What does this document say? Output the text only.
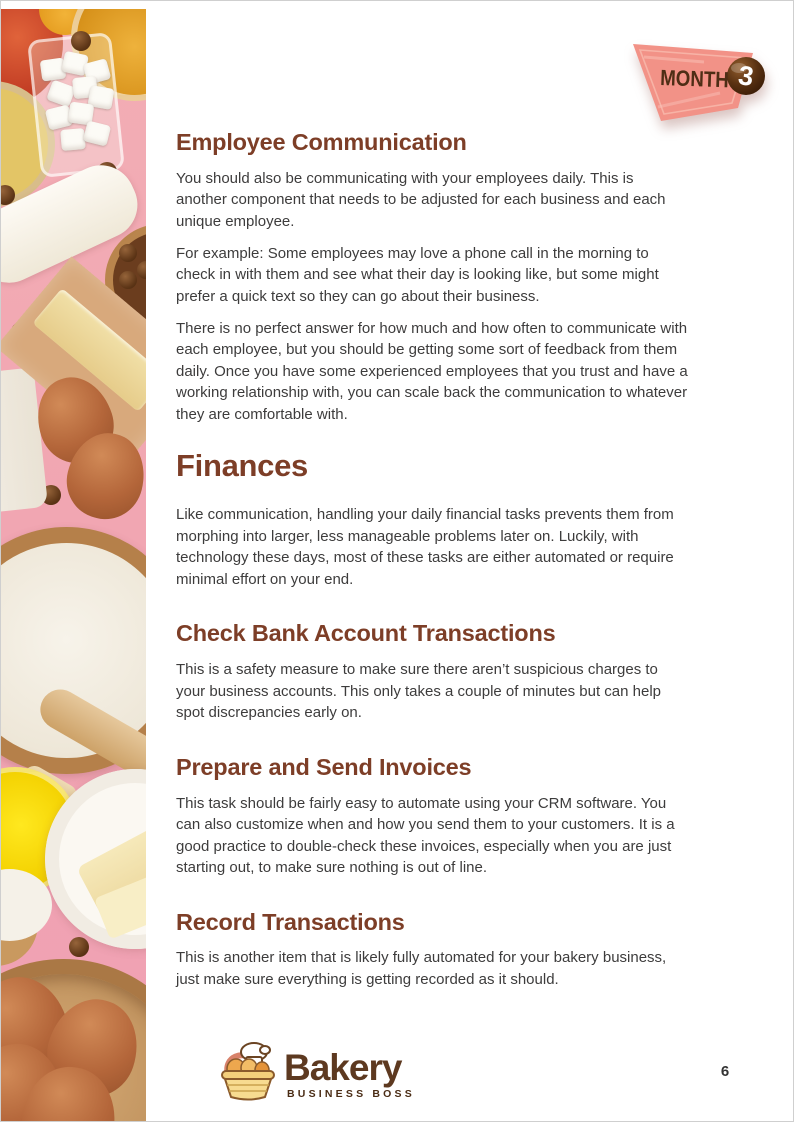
MONTH 3
Employee Communication

You should also be communicating with your employees daily. This is another component that needs to be adjusted for each business and each unique employee.

For example: Some employees may love a phone call in the morning to check in with them and see what their day is looking like, but some might prefer a quick text so they can go about their business.

There is no perfect answer for how much and how often to communicate with each employee, but you should be getting some sort of feedback from them daily. Once you have some experienced employees that you trust and have a working relationship with, you can scale back the communication to whatever they are comfortable with.

Finances

Like communication, handling your daily financial tasks prevents them from morphing into larger, less manageable problems later on. Luckily, with technology these days, most of these tasks are either automated or require minimal effort on your end.

Check Bank Account Transactions

This is a safety measure to make sure there aren’t suspicious charges to your business accounts. This only takes a couple of minutes but can help spot discrepancies early on.

Prepare and Send Invoices

This task should be fairly easy to automate using your CRM software. You can also customize when and how you send them to your customers. It is a good practice to double-check these invoices, especially when you are just starting out, to make sure nothing is out of line.

Record Transactions

This is another item that is likely fully automated for your bakery business, just make sure everything is getting recorded as it should.

Bakery
BUSINESS BOSS
6
